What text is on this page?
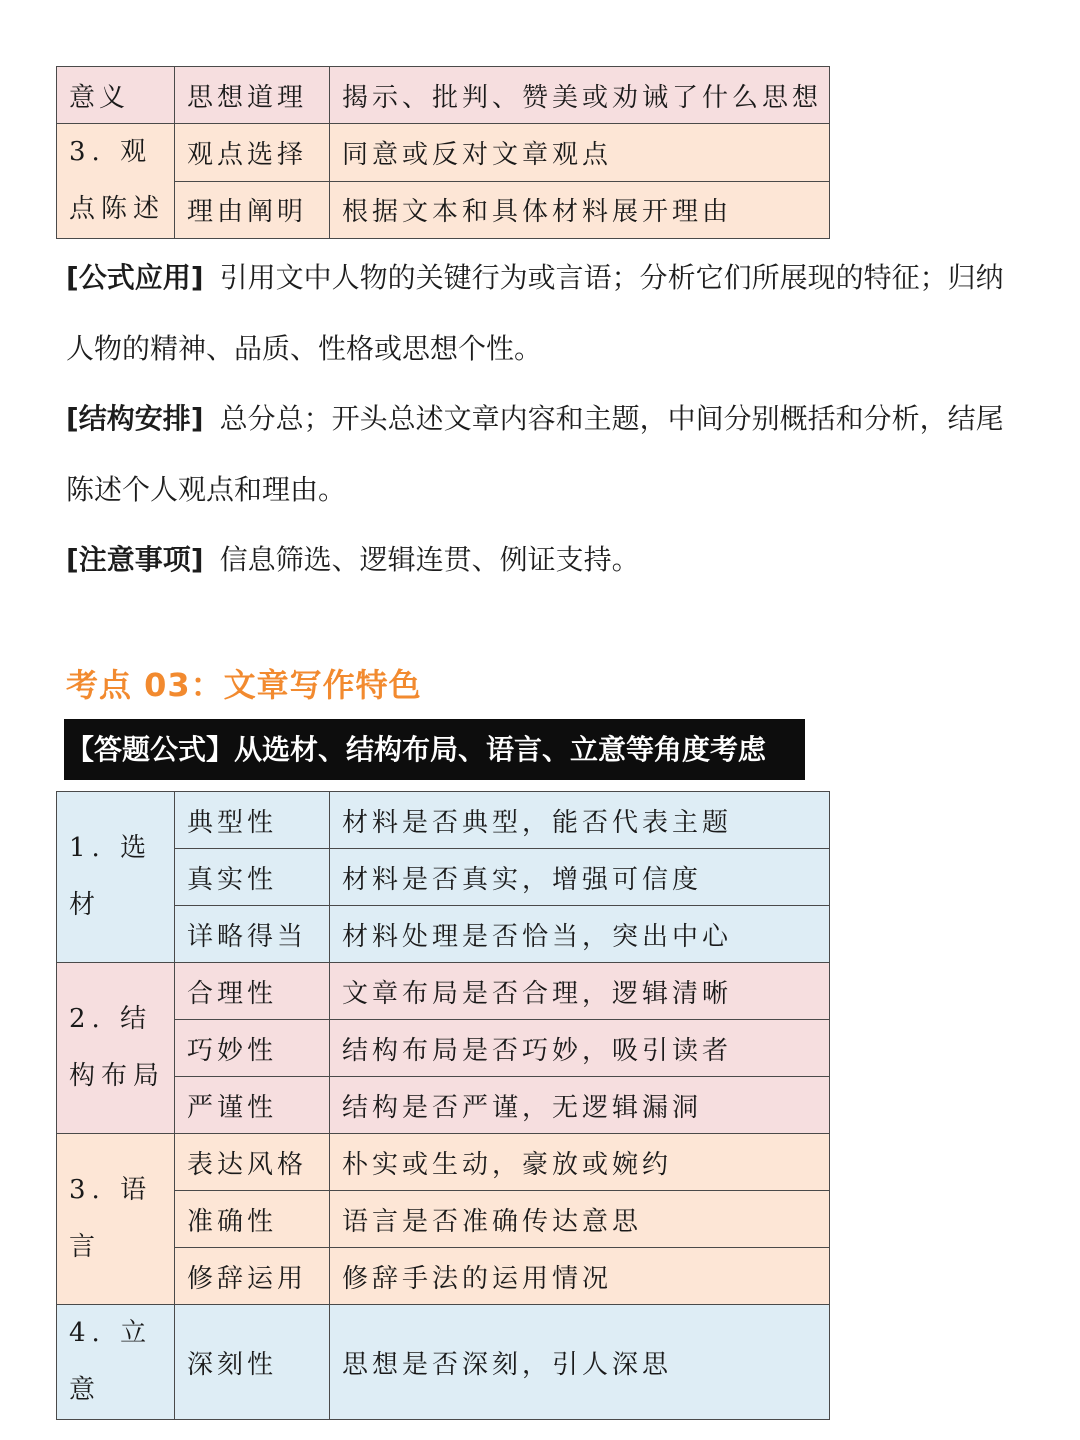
意义	思想道理	揭示、批判、赞美或劝诫了什么思想
3. 观点陈述	观点选择	同意或反对文章观点
	理由阐明	根据文本和具体材料展开理由

[公式应用] 引用文中人物的关键行为或言语；分析它们所展现的特征；归纳人物的精神、品质、性格或思想个性。

[结构安排] 总分总；开头总述文章内容和主题，中间分别概括和分析，结尾陈述个人观点和理由。

[注意事项] 信息筛选、逻辑连贯、例证支持。

考点 03：文章写作特色
【答题公式】从选材、结构布局、语言、立意等角度考虑
1. 选材	典型性	材料是否典型，能否代表主题
	真实性	材料是否真实，增强可信度
	详略得当	材料处理是否恰当，突出中心
2. 结构布局	合理性	文章布局是否合理，逻辑清晰
	巧妙性	结构布局是否巧妙，吸引读者
	严谨性	结构是否严谨，无逻辑漏洞
3. 语言	表达风格	朴实或生动，豪放或婉约
	准确性	语言是否准确传达意思
	修辞运用	修辞手法的运用情况
4. 立意	深刻性	思想是否深刻，引人深思
